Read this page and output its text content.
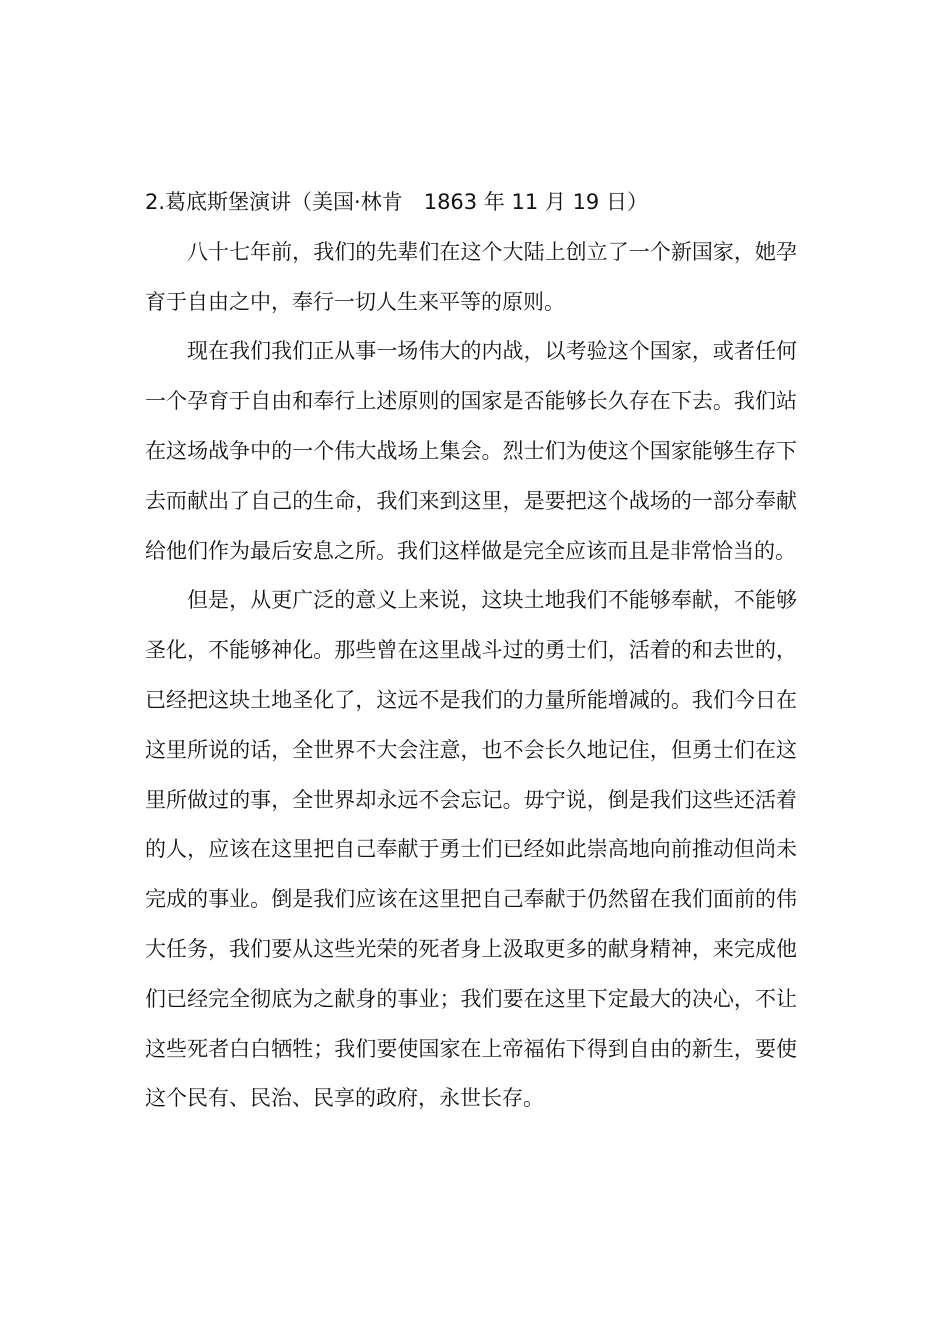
2.葛底斯堡演讲（美国·林肯　1863 年 11 月 19 日）

八十七年前，我们的先辈们在这个大陆上创立了一个新国家，她孕育于自由之中，奉行一切人生来平等的原则。

现在我们我们正从事一场伟大的内战，以考验这个国家，或者任何一个孕育于自由和奉行上述原则的国家是否能够长久存在下去。我们站在这场战争中的一个伟大战场上集会。烈士们为使这个国家能够生存下去而献出了自己的生命，我们来到这里，是要把这个战场的一部分奉献给他们作为最后安息之所。我们这样做是完全应该而且是非常恰当的。

但是，从更广泛的意义上来说，这块土地我们不能够奉献，不能够圣化，不能够神化。那些曾在这里战斗过的勇士们，活着的和去世的，已经把这块土地圣化了，这远不是我们的力量所能增减的。我们今日在这里所说的话，全世界不大会注意，也不会长久地记住，但勇士们在这里所做过的事，全世界却永远不会忘记。毋宁说，倒是我们这些还活着的人，应该在这里把自己奉献于勇士们已经如此崇高地向前推动但尚未完成的事业。倒是我们应该在这里把自己奉献于仍然留在我们面前的伟大任务，我们要从这些光荣的死者身上汲取更多的献身精神，来完成他们已经完全彻底为之献身的事业；我们要在这里下定最大的决心，不让这些死者白白牺牲；我们要使国家在上帝福佑下得到自由的新生，要使这个民有、民治、民享的政府，永世长存。
